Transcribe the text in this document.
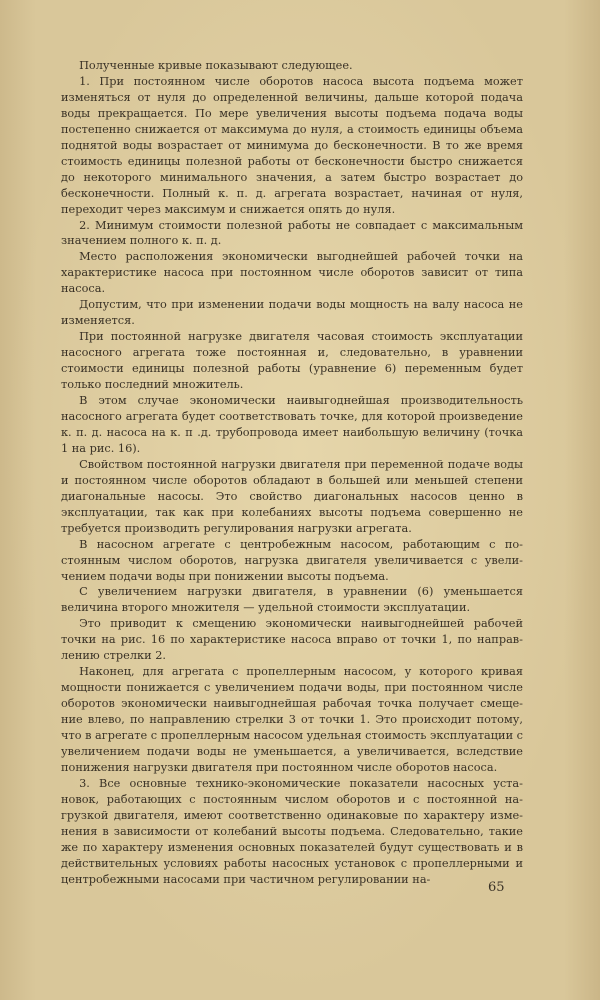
Полученные кривые показывают следующее.

1. При постоянном числе оборотов насоса высота подъема может изменяться от нуля до определенной величины, дальше которой подача воды прекращается. По мере увеличения высоты подъема подача воды постепенно снижается от максимума до нуля, а стоимость единицы объема поднятой воды возрастает от минимума до бесконечности. В то же время стоимость единицы полезной работы от бесконечности быстро снижается до некоторого минимального значения, а затем быстро возрастает до бесконечности. Полный к. п. д. агрегата возрастает, начиная от нуля, переходит через максимум и снижается опять до нуля.

2. Минимум стоимости полезной работы не совпадает с максимальным значением полного к. п. д.

Место расположения экономически выгоднейшей рабочей точки на характеристике насоса при постоянном числе оборотов зависит от типа насоса.

Допустим, что при изменении подачи воды мощность на валу насоса не изменяется.

При постоянной нагрузке двигателя часовая стоимость эксплуатации насосного агрегата тоже постоянная и, следовательно, в уравнении стоимости единицы полезной работы (уравнение 6) переменным будет только последний множитель.

В этом случае экономически наивыгоднейшая производительность насосного агрегата будет соответствовать точке, для которой произведение к. п. д. насоса на к. п .д. трубопровода имеет наибольшую величину (точка 1 на рис. 16).

Свойством постоянной нагрузки двигателя при переменной подаче воды и постоянном числе оборотов обладают в большей или меньшей степени диагональные насосы. Это свойство диагональных насосов ценно в эксплуатации, так как при колебаниях высоты подъема совершенно не требуется производить регулирования нагрузки агрегата.

В насосном агрегате с центробежным насосом, работающим с постоянным числом оборотов, нагрузка двигателя увеличивается с увеличением подачи воды при понижении высоты подъема.

С увеличением нагрузки двигателя, в уравнении (6) уменьшается величина второго множителя — удельной стоимости эксплуатации.

Это приводит к смещению экономически наивыгоднейшей рабочей точки на рис. 16 по характеристике насоса вправо от точки 1, по направлению стрелки 2.

Наконец, для агрегата с пропеллерным насосом, у которого кривая мощности понижается с увеличением подачи воды, при постоянном числе оборотов экономически наивыгоднейшая рабочая точка получает смещение влево, по направлению стрелки 3 от точки 1. Это происходит потому, что в агрегате с пропеллерным насосом удельная стоимость эксплуатации с увеличением подачи воды не уменьшается, а увеличивается, вследствие понижения нагрузки двигателя при постоянном числе оборотов насоса.

3. Все основные технико-экономические показатели насосных установок, работающих с постоянным числом оборотов и с постоянной нагрузкой двигателя, имеют соответственно одинаковые по характеру изменения в зависимости от колебаний высоты подъема. Следовательно, такие же по характеру изменения основных показателей будут существовать и в действительных условиях работы насосных установок с пропеллерными и центробежными насосами при частичном регулировании на-

65
